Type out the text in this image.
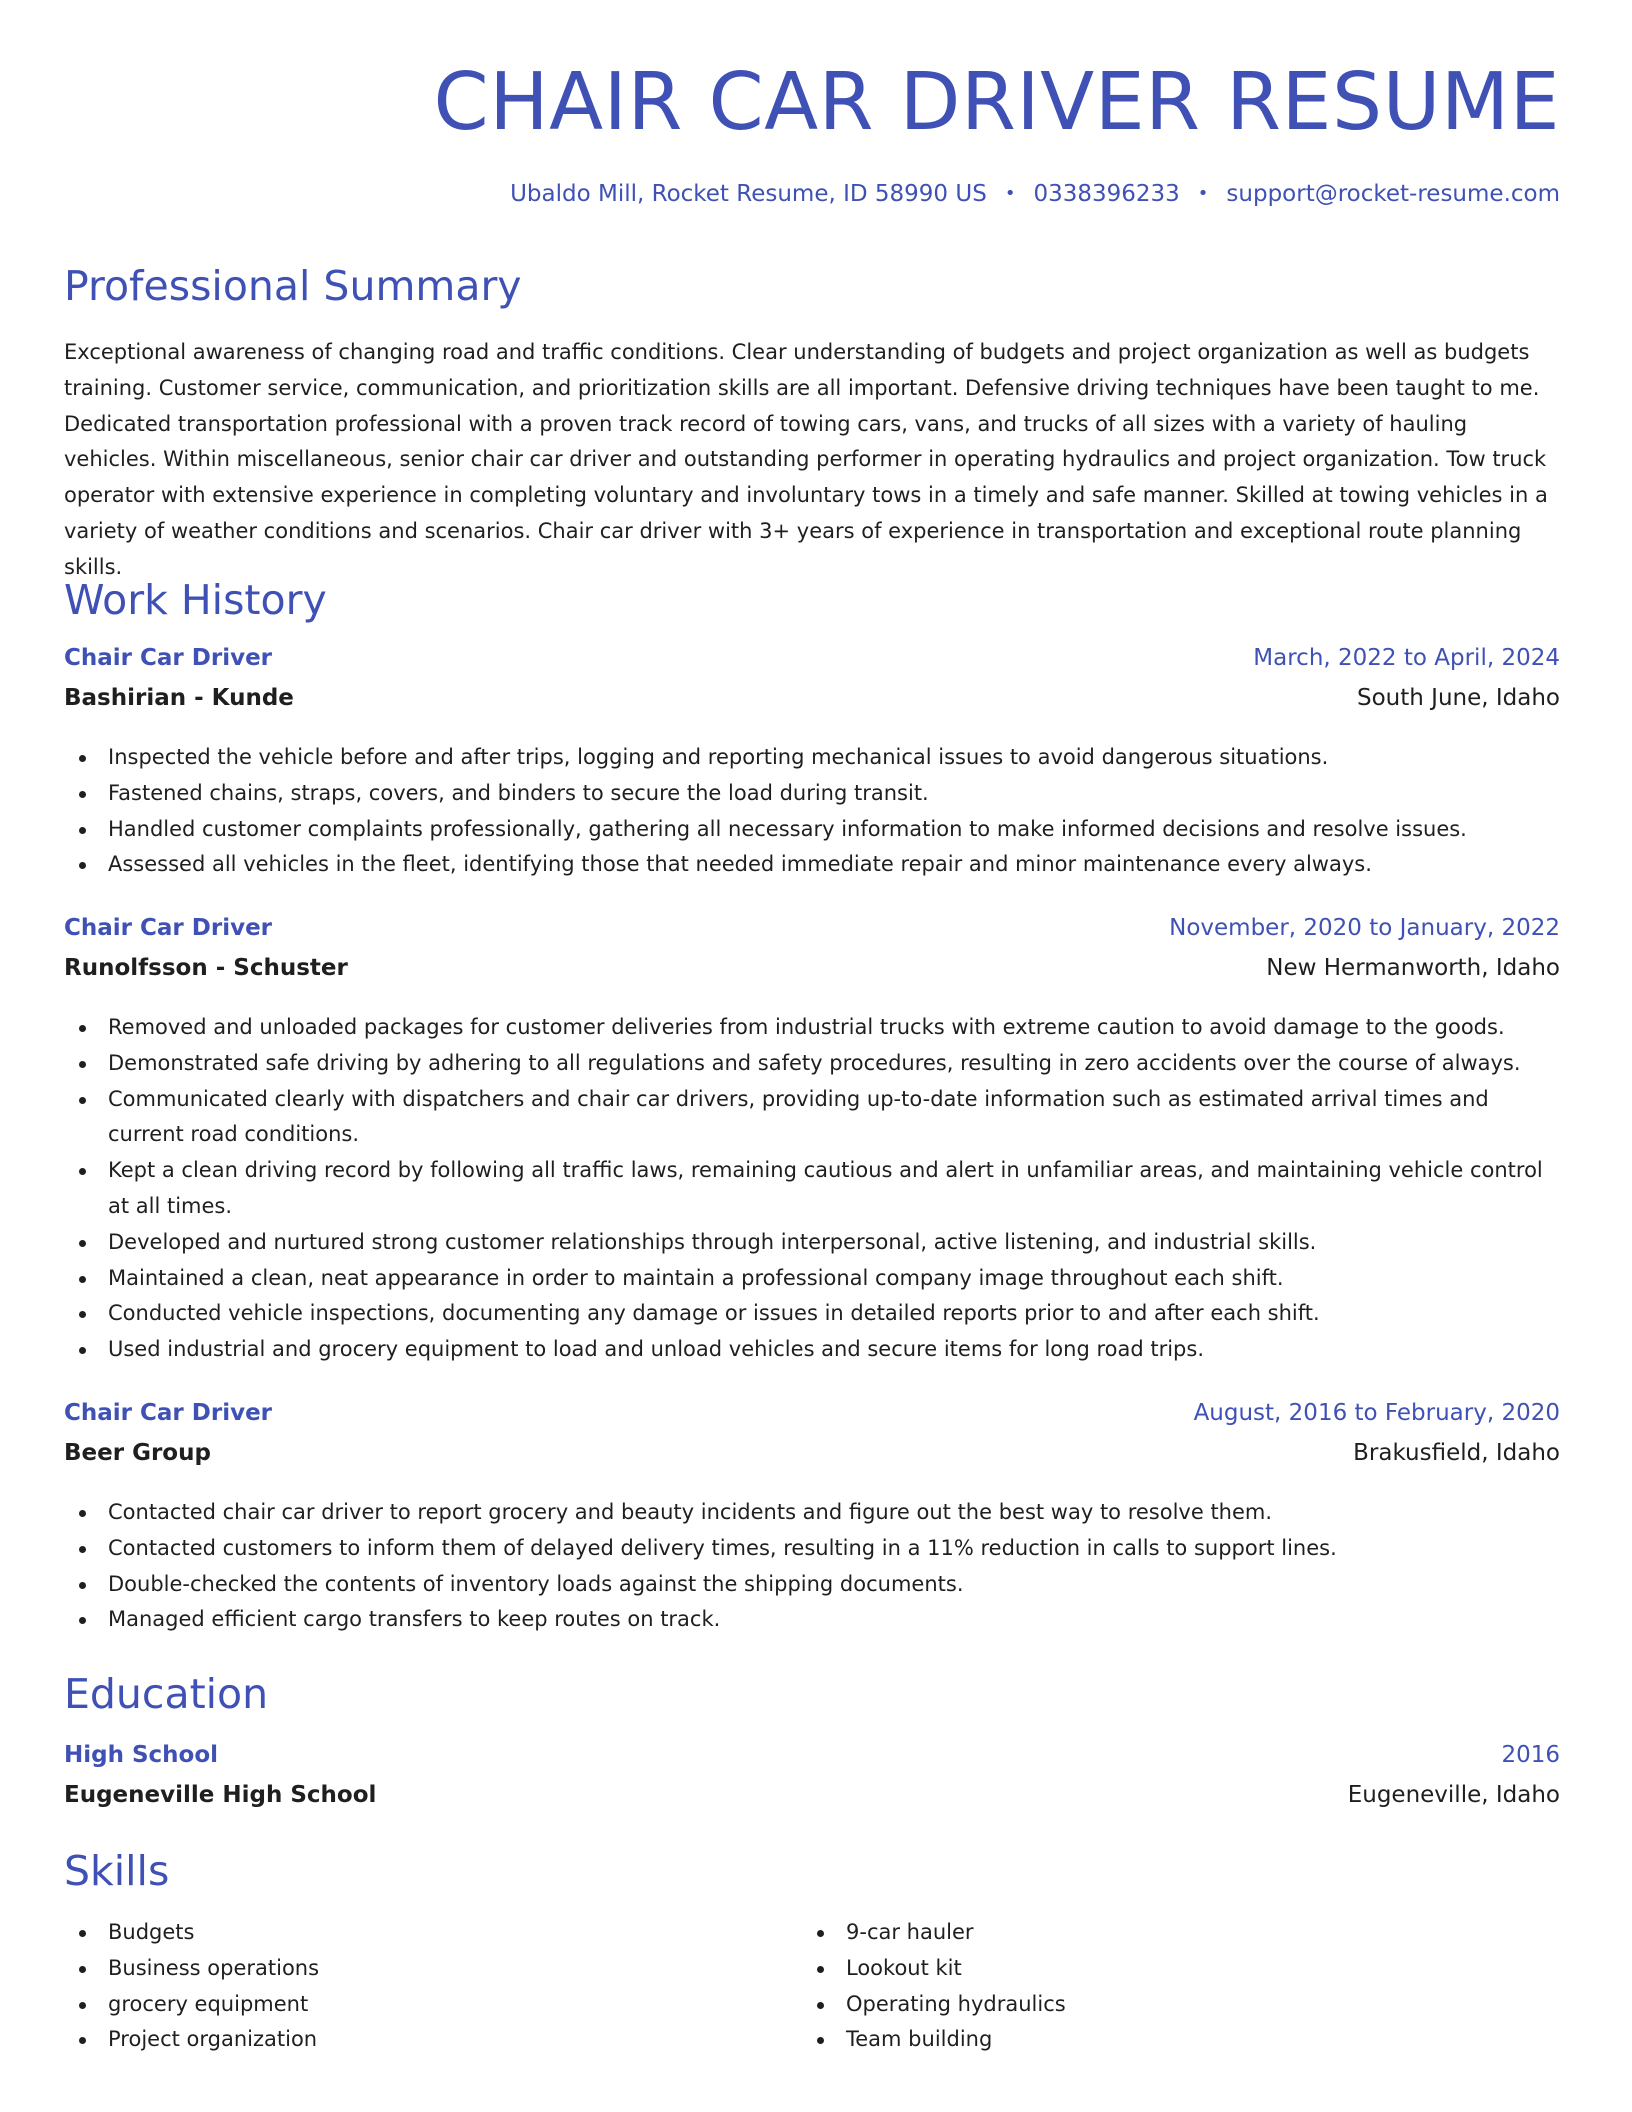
CHAIR CAR DRIVER RESUME
Ubaldo Mill, Rocket Resume, ID 58990 US • 0338396233 • support@rocket-resume.com
Professional Summary

Exceptional awareness of changing road and traffic conditions. Clear understanding of budgets and project organization as well as budgets training. Customer service, communication, and prioritization skills are all important. Defensive driving techniques have been taught to me. Dedicated transportation professional with a proven track record of towing cars, vans, and trucks of all sizes with a variety of hauling vehicles. Within miscellaneous, senior chair car driver and outstanding performer in operating hydraulics and project organization. Tow truck operator with extensive experience in completing voluntary and involuntary tows in a timely and safe manner. Skilled at towing vehicles in a variety of weather conditions and scenarios. Chair car driver with 3+ years of experience in transportation and exceptional route planning skills.

Work History
Chair Car Driver	March, 2022 to April, 2024
Bashirian - Kunde	South June, Idaho
Inspected the vehicle before and after trips, logging and reporting mechanical issues to avoid dangerous situations.
Fastened chains, straps, covers, and binders to secure the load during transit.
Handled customer complaints professionally, gathering all necessary information to make informed decisions and resolve issues.
Assessed all vehicles in the fleet, identifying those that needed immediate repair and minor maintenance every always.
Chair Car Driver	November, 2020 to January, 2022
Runolfsson - Schuster	New Hermanworth, Idaho
Removed and unloaded packages for customer deliveries from industrial trucks with extreme caution to avoid damage to the goods.
Demonstrated safe driving by adhering to all regulations and safety procedures, resulting in zero accidents over the course of always.
Communicated clearly with dispatchers and chair car drivers, providing up-to-date information such as estimated arrival times and current road conditions.
Kept a clean driving record by following all traffic laws, remaining cautious and alert in unfamiliar areas, and maintaining vehicle control at all times.
Developed and nurtured strong customer relationships through interpersonal, active listening, and industrial skills.
Maintained a clean, neat appearance in order to maintain a professional company image throughout each shift.
Conducted vehicle inspections, documenting any damage or issues in detailed reports prior to and after each shift.
Used industrial and grocery equipment to load and unload vehicles and secure items for long road trips.
Chair Car Driver	August, 2016 to February, 2020
Beer Group	Brakusfield, Idaho
Contacted chair car driver to report grocery and beauty incidents and figure out the best way to resolve them.
Contacted customers to inform them of delayed delivery times, resulting in a 11% reduction in calls to support lines.
Double-checked the contents of inventory loads against the shipping documents.
Managed efficient cargo transfers to keep routes on track.
Education
High School	2016
Eugeneville High School	Eugeneville, Idaho
Skills
Budgets
Business operations
grocery equipment
Project organization
9-car hauler
Lookout kit
Operating hydraulics
Team building
